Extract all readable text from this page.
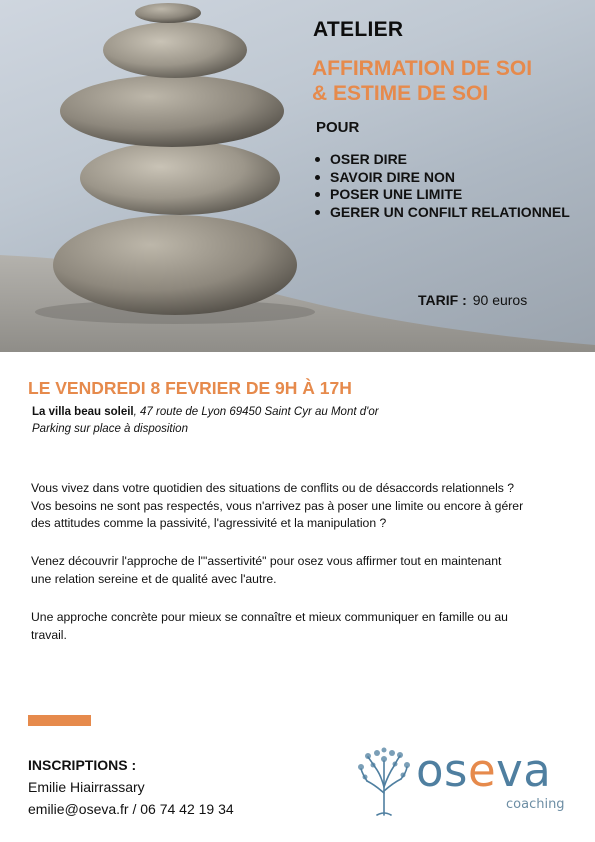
ATELIER
AFFIRMATION DE SOI
& ESTIME DE SOI
POUR
OSER DIRE
SAVOIR DIRE NON
POSER UNE LIMITE
GERER UN CONFILT RELATIONNEL
TARIF : 90 euros
LE VENDREDI 8 FEVRIER DE 9H À 17H
La villa beau soleil, 47 route de Lyon 69450 Saint Cyr au Mont d'or
Parking sur place à disposition

Vous vivez dans votre quotidien des situations de conflits ou de désaccords relationnels ?

Vos besoins ne sont pas respectés, vous n'arrivez pas à poser une limite ou encore à gérer

des attitudes comme la passivité, l'agressivité et la manipulation ?

Venez découvrir l'approche de l'"assertivité" pour osez vous affirmer tout en maintenant

une relation sereine et de qualité avec l'autre.

Une approche concrète pour mieux se connaître et mieux communiquer en famille ou au

travail.

INSCRIPTIONS :
Emilie Hiairrassary
emilie@oseva.fr / 06 74 42 19 34
oseva
coaching
